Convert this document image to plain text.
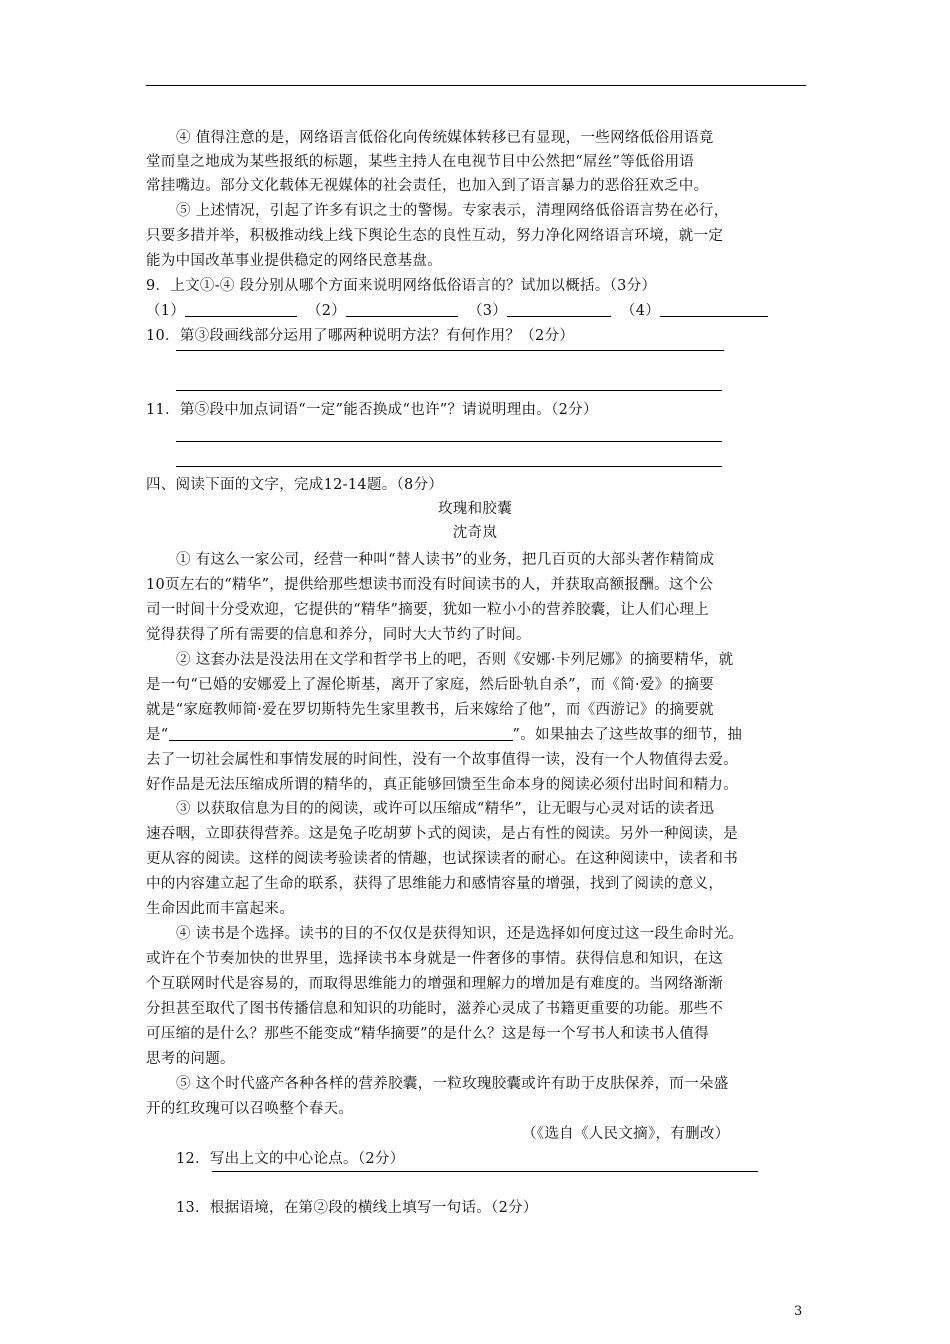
④ 值得注意的是，网络语言低俗化向传统媒体转移已有显现，一些网络低俗用语竟
堂而皇之地成为某些报纸的标题，某些主持人在电视节目中公然把“屌丝”等低俗用语
常挂嘴边。部分文化载体无视媒体的社会责任，也加入到了语言暴力的恶俗狂欢乏中。
⑤ 上述情况，引起了许多有识之士的警惕。专家表示，清理网络低俗语言势在必行，
只要多措并举，积极推动线上线下舆论生态的良性互动，努力净化网络语言环境，就一定
能为中国改革事业提供稳定的网络民意基盘。
9．上文①-④ 段分别从哪个方面来说明网络低俗语言的？试加以概括。（3分）
（1）	（2）	（3）	（4）
10．第③段画线部分运用了哪两种说明方法？有何作用？（2分）
11．第⑤段中加点词语“一定”能否换成“也许”？请说明理由。（2分）
四、阅读下面的文字，完成12-14题。（8分）
玫瑰和胶囊
沈奇岚
① 有这么一家公司，经营一种叫“替人读书”的业务，把几百页的大部头著作精简成
10页左右的“精华”，提供给那些想读书而没有时间读书的人，并获取高额报酬。这个公
司一时间十分受欢迎，它提供的“精华”摘要，犹如一粒小小的营养胶囊，让人们心理上
觉得获得了所有需要的信息和养分，同时大大节约了时间。
② 这套办法是没法用在文学和哲学书上的吧，否则《安娜·卡列尼娜》的摘要精华，就
是一句“已婚的安娜爱上了渥伦斯基，离开了家庭，然后卧轨自杀”，而《简·爱》的摘要
就是“家庭教师简·爱在罗切斯特先生家里教书，后来嫁给了他”，而《西游记》的摘要就
是“	”。如果抽去了这些故事的细节，抽
去了一切社会属性和事情发展的时间性，没有一个故事值得一读，没有一个人物值得去爱。
好作品是无法压缩成所谓的精华的，真正能够回馈至生命本身的阅读必须付出时间和精力。
③ 以获取信息为目的的阅读，或许可以压缩成“精华”，让无暇与心灵对话的读者迅
速吞咽，立即获得营养。这是兔子吃胡萝卜式的阅读，是占有性的阅读。另外一种阅读，是
更从容的阅读。这样的阅读考验读者的情趣，也试探读者的耐心。在这种阅读中，读者和书
中的内容建立起了生命的联系，获得了思维能力和感情容量的增强，找到了阅读的意义，
生命因此而丰富起来。
④ 读书是个选择。读书的目的不仅仅是获得知识，还是选择如何度过这一段生命时光。
或许在个节奏加快的世界里，选择读书本身就是一件奢侈的事情。获得信息和知识，在这
个互联网时代是容易的，而取得思维能力的增强和理解力的增加是有难度的。当网络渐渐
分担甚至取代了图书传播信息和知识的功能时，滋养心灵成了书籍更重要的功能。那些不
可压缩的是什么？那些不能变成“精华摘要”的是什么？这是每一个写书人和读书人值得
思考的问题。
⑤ 这个时代盛产各种各样的营养胶囊，一粒玫瑰胶囊或许有助于皮肤保养，而一朵盛
开的红玫瑰可以召唤整个春天。
（《选自《人民文摘》，有删改）
12．写出上文的中心论点。（2分）
13．根据语境，在第②段的横线上填写一句话。（2分）
3
